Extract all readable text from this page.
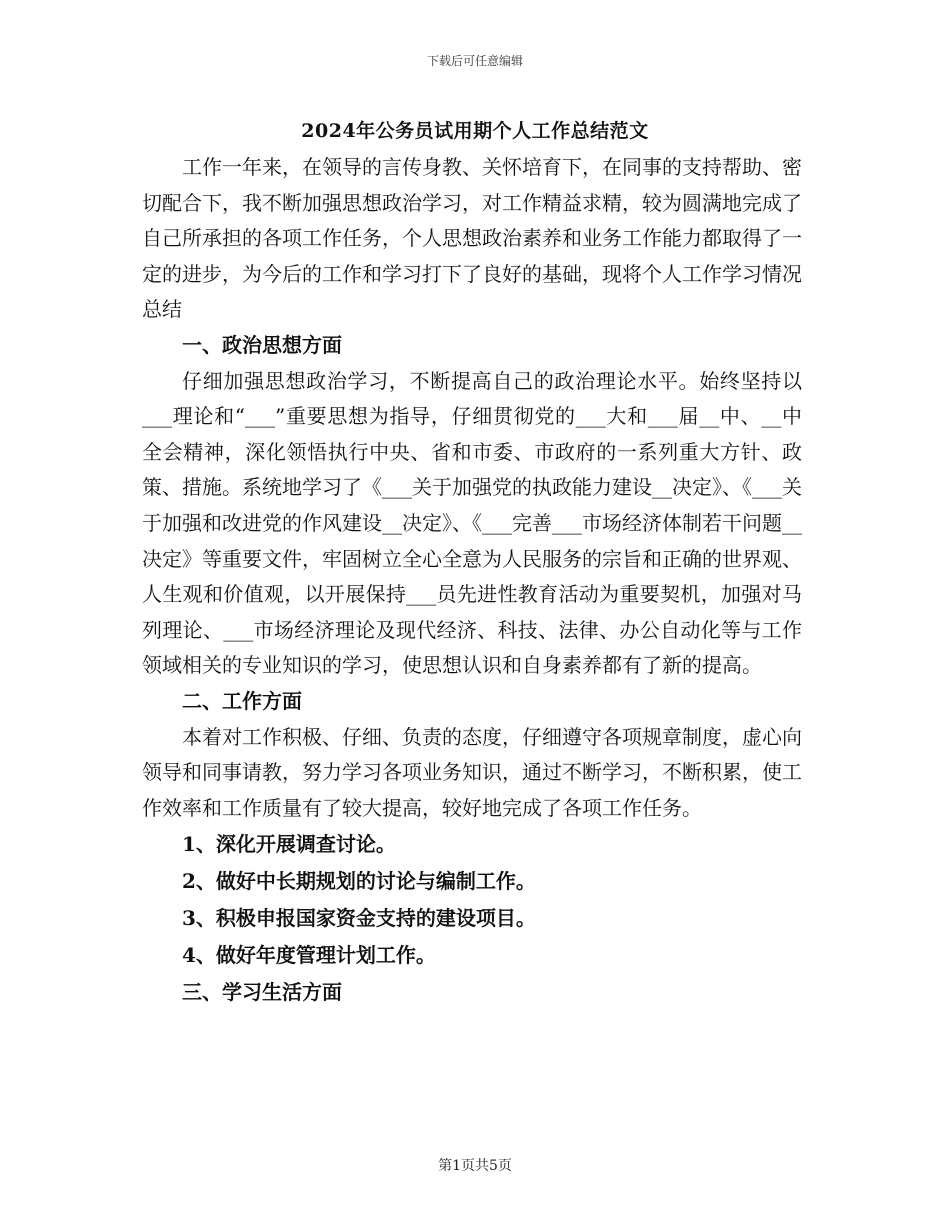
下载后可任意编辑
2024年公务员试用期个人工作总结范文

工作一年来，在领导的言传身教、关怀培育下，在同事的支持帮助、密切配合下，我不断加强思想政治学习，对工作精益求精，较为圆满地完成了自己所承担的各项工作任务，个人思想政治素养和业务工作能力都取得了一定的进步，为今后的工作和学习打下了良好的基础，现将个人工作学习情况总结

一、政治思想方面

仔细加强思想政治学习，不断提高自己的政治理论水平。始终坚持以___理论和“___”重要思想为指导，仔细贯彻党的___大和___届__中、__中全会精神，深化领悟执行中央、省和市委、市政府的一系列重大方针、政策、措施。系统地学习了《___关于加强党的执政能力建设__决定》、《___关于加强和改进党的作风建设__决定》、《___完善___市场经济体制若干问题__决定》等重要文件，牢固树立全心全意为人民服务的宗旨和正确的世界观、人生观和价值观，以开展保持___员先进性教育活动为重要契机，加强对马列理论、___市场经济理论及现代经济、科技、法律、办公自动化等与工作领域相关的专业知识的学习，使思想认识和自身素养都有了新的提高。

二、工作方面

本着对工作积极、仔细、负责的态度，仔细遵守各项规章制度，虚心向领导和同事请教，努力学习各项业务知识，通过不断学习，不断积累，使工作效率和工作质量有了较大提高，较好地完成了各项工作任务。

1、深化开展调查讨论。

2、做好中长期规划的讨论与编制工作。

3、积极申报国家资金支持的建设项目。

4、做好年度管理计划工作。

三、学习生活方面

第1页共5页
